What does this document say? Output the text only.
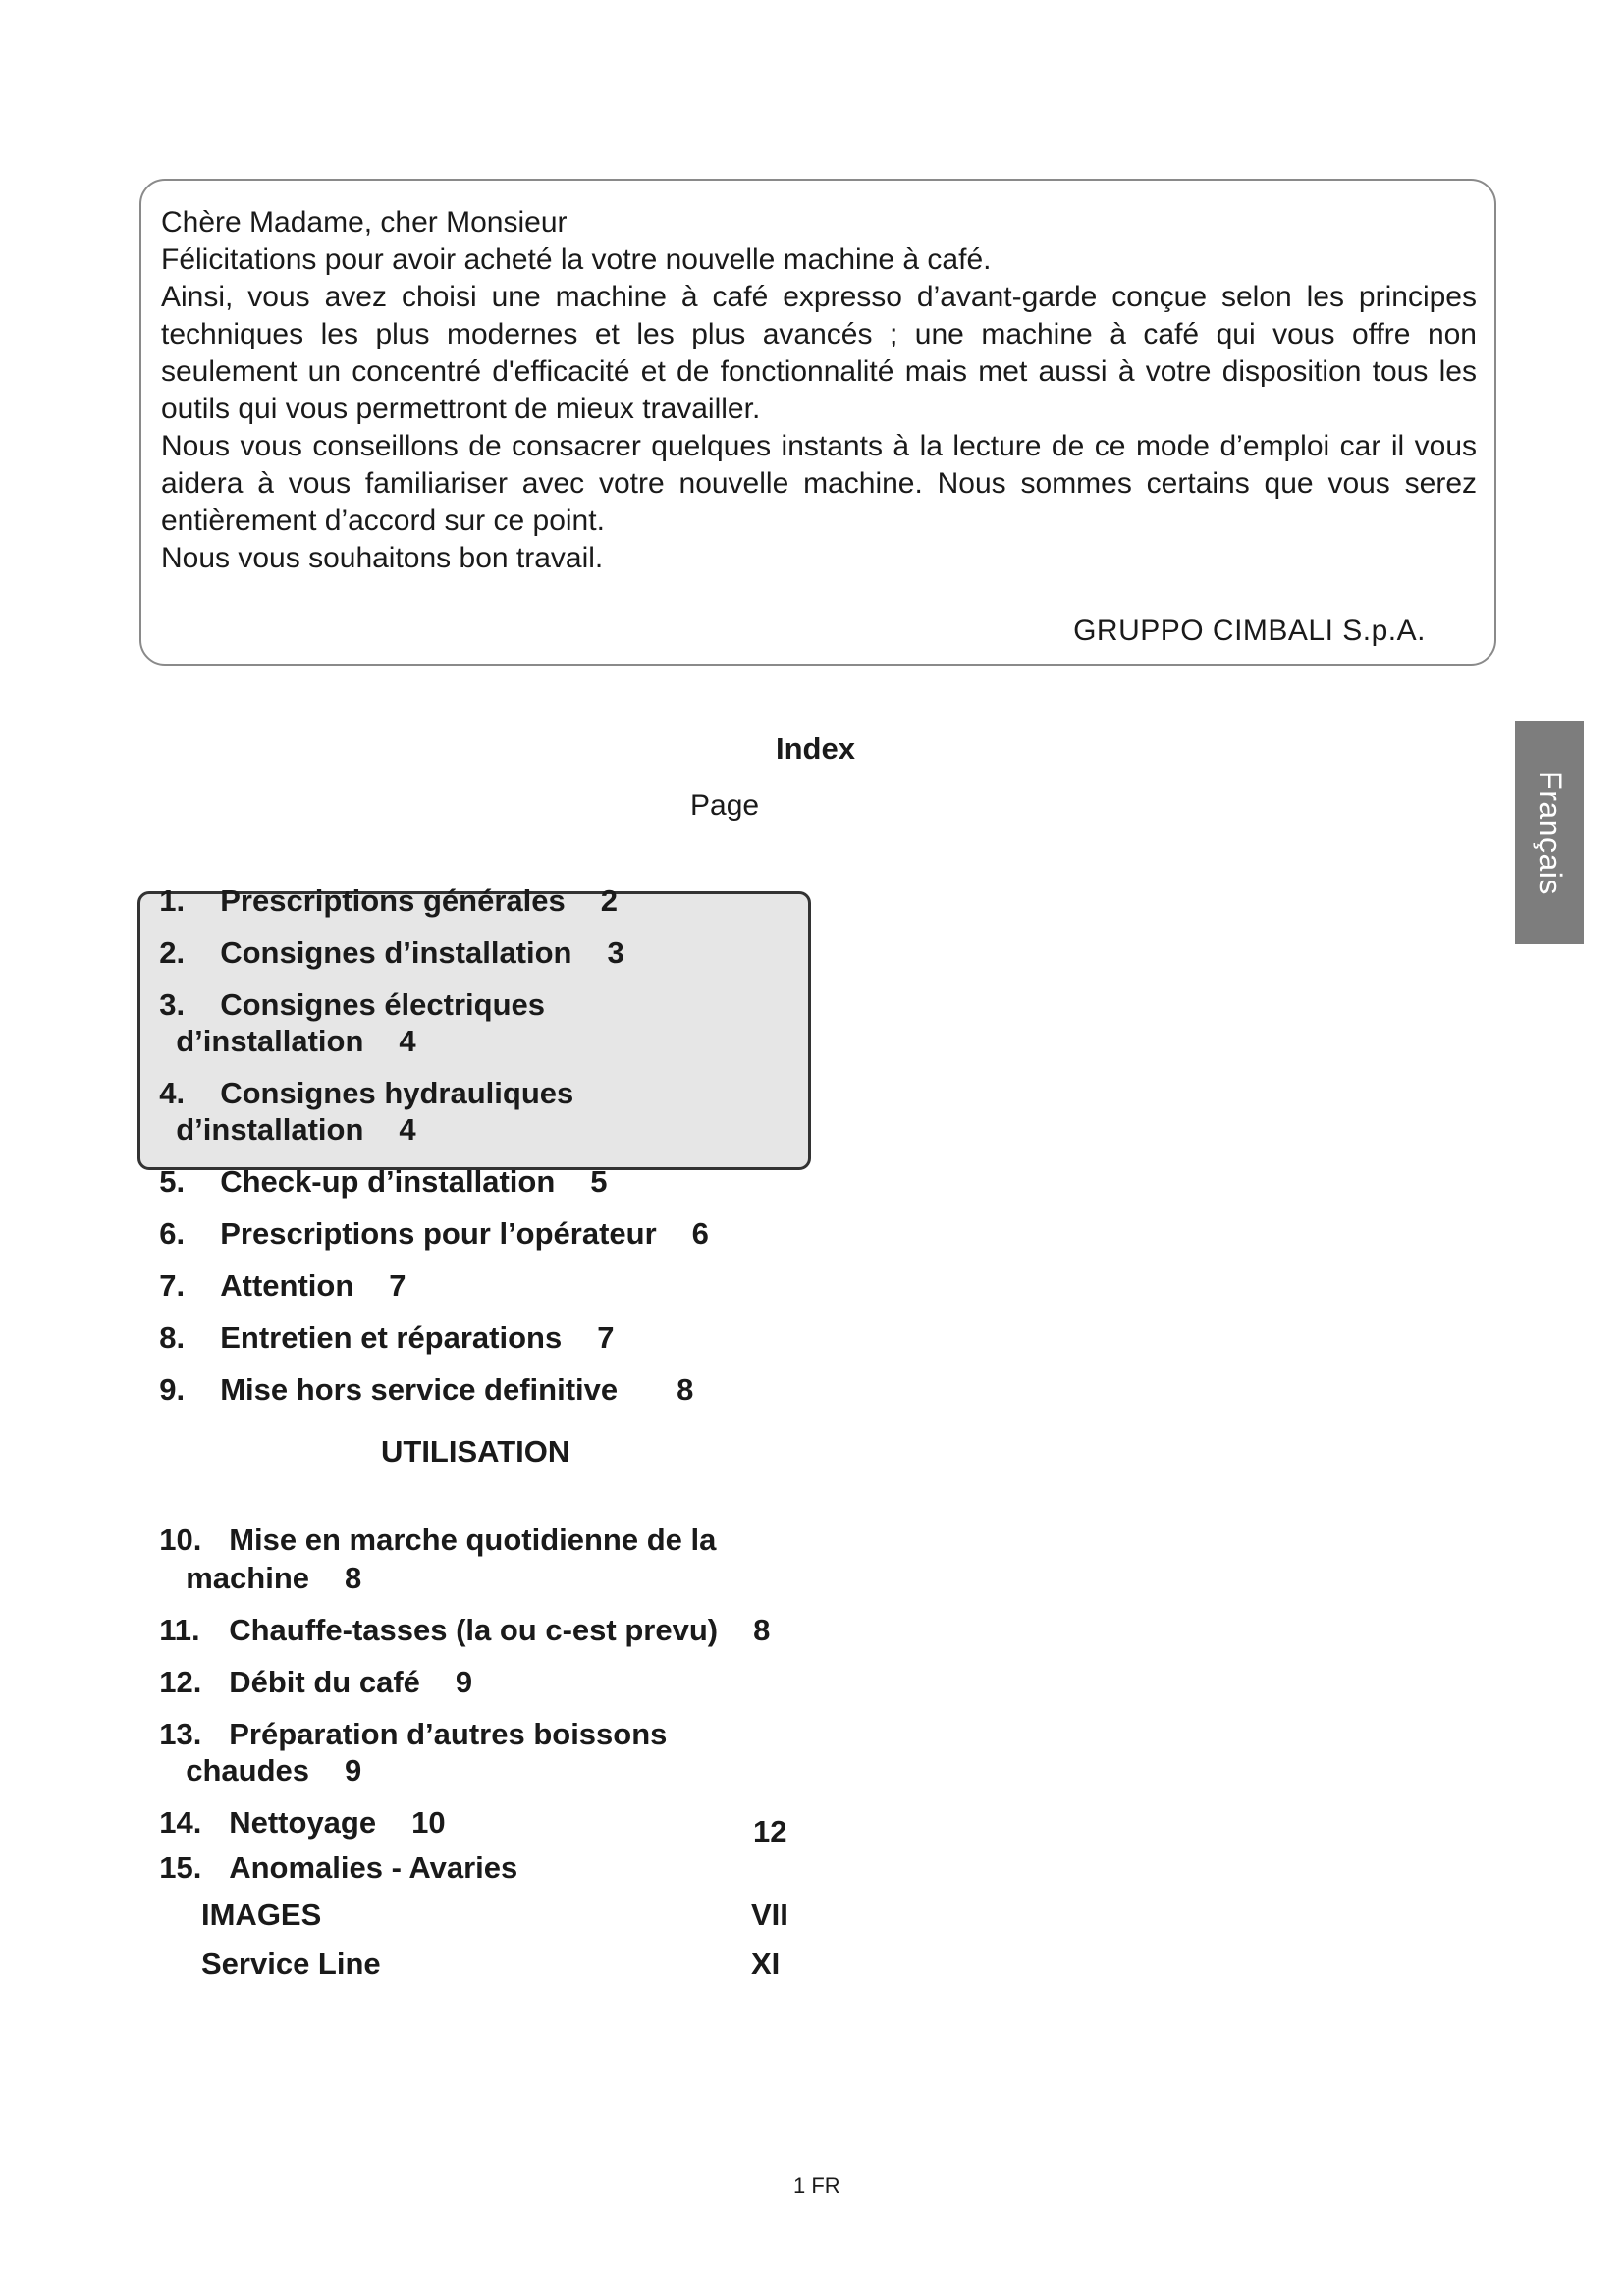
Chère Madame, cher Monsieur

Félicitations pour avoir acheté la votre nouvelle machine à café.

Ainsi, vous avez choisi une machine à café expresso d’avant-garde conçue selon les principes techniques les plus modernes et les plus avancés ; une machine à café qui vous offre non seulement un concentré d'efficacité et de fonctionnalité mais met aussi à votre disposition tous les outils qui vous permettront de mieux travailler.

Nous vous conseillons de consacrer quelques instants à la lecture de ce mode d’emploi car il vous aidera à vous familiariser avec votre nouvelle machine. Nous sommes certains que vous serez entièrement d’accord sur ce point.

Nous vous souhaitons bon travail.

GRUPPO CIMBALI S.p.A.
Index
Page

1. Prescriptions générales 2

2. Consignes d’installation 3

3. Consignes électriques

d’installation 4

4. Consignes hydrauliques

d’installation 4

5. Check-up d’installation 5

6. Prescriptions pour l’opérateur 6

7. Attention 7

8. Entretien et réparations 7

9. Mise hors service definitive 8

UTILISATION

10. Mise en marche quotidienne de la

machine 8

11. Chauffe-tasses (la ou c-est prevu) 8

12. Débit du café 9

13. Préparation d’autres boissons

chaudes 9

14. Nettoyage 10

15. Anomalies - Avaries

12
IMAGES	VII
Service Line	XI
Français
1 FR
